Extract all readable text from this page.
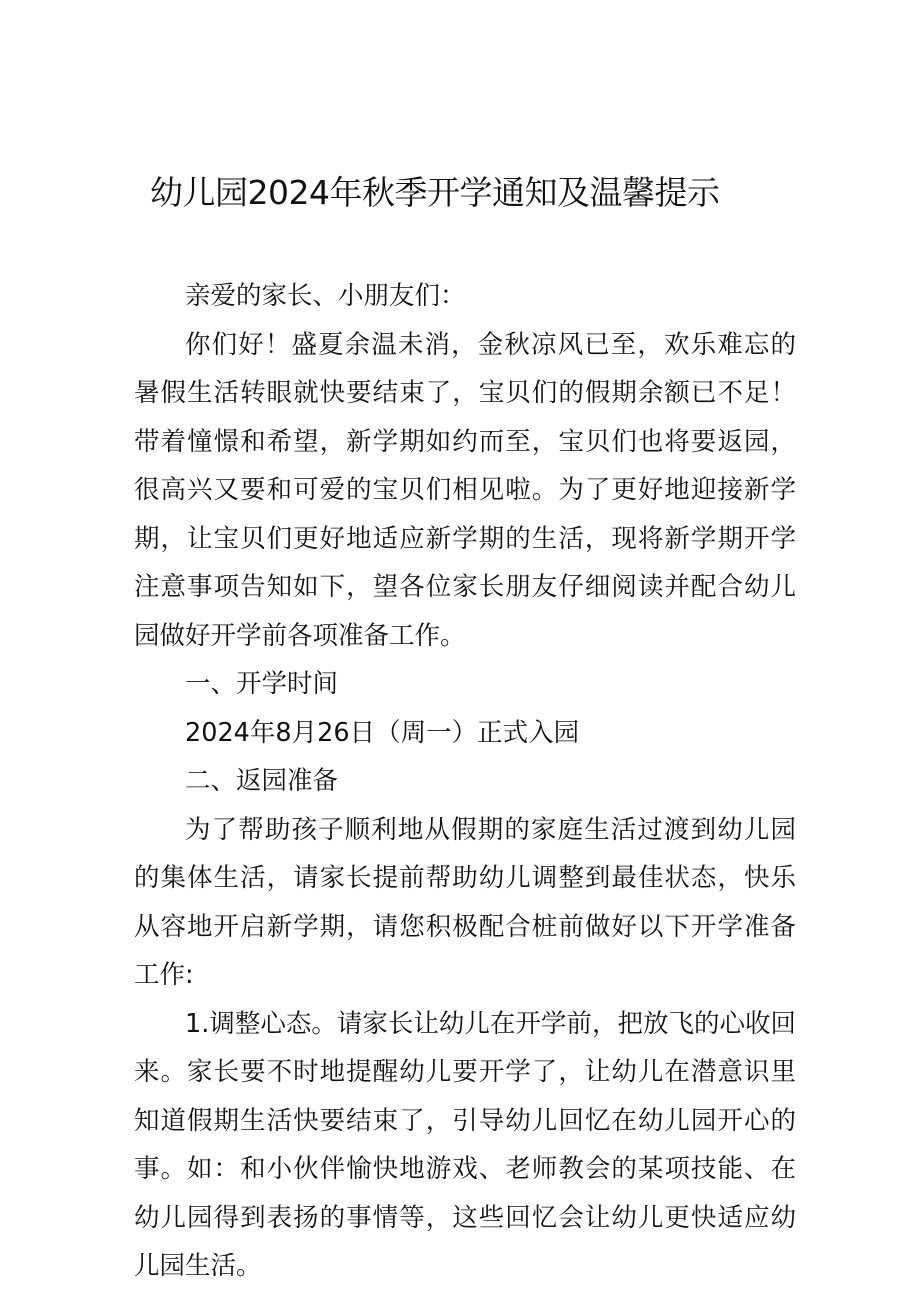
幼儿园2024年秋季开学通知及温馨提示

亲爱的家长、小朋友们：

你们好！盛夏余温未消，金秋凉风已至，欢乐难忘的暑假生活转眼就快要结束了，宝贝们的假期余额已不足！带着憧憬和希望，新学期如约而至，宝贝们也将要返园，很高兴又要和可爱的宝贝们相见啦。为了更好地迎接新学期，让宝贝们更好地适应新学期的生活，现将新学期开学注意事项告知如下，望各位家长朋友仔细阅读并配合幼儿园做好开学前各项准备工作。

一、开学时间

2024年8月26日（周一）正式入园

二、返园准备

为了帮助孩子顺利地从假期的家庭生活过渡到幼儿园的集体生活，请家长提前帮助幼儿调整到最佳状态，快乐从容地开启新学期，请您积极配合桩前做好以下开学准备工作:

1.调整心态。请家长让幼儿在开学前，把放飞的心收回来。家长要不时地提醒幼儿要开学了，让幼儿在潜意识里知道假期生活快要结束了，引导幼儿回忆在幼儿园开心的事。如：和小伙伴愉快地游戏、老师教会的某项技能、在幼儿园得到表扬的事情等，这些回忆会让幼儿更快适应幼儿园生活。
